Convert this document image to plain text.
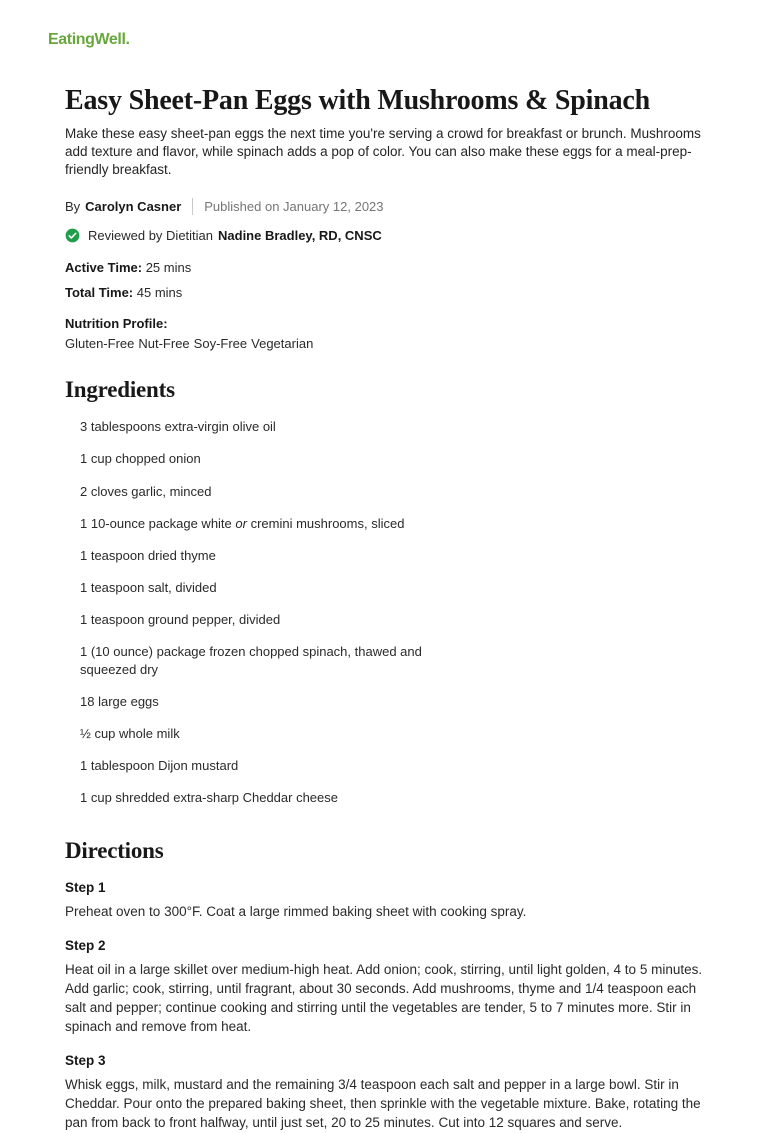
EatingWell.
Easy Sheet-Pan Eggs with Mushrooms & Spinach

Make these easy sheet-pan eggs the next time you're serving a crowd for breakfast or brunch. Mushrooms add texture and flavor, while spinach adds a pop of color. You can also make these eggs for a meal-prep-friendly breakfast.

By Carolyn Casner Published on January 12, 2023
Reviewed by Dietitian Nadine Bradley, RD, CNSC

Active Time: 25 mins

Total Time: 45 mins

Nutrition Profile:
Gluten-Free Nut-Free Soy-Free Vegetarian
Ingredients
3 tablespoons extra-virgin olive oil
1 cup chopped onion
2 cloves garlic, minced
1 10-ounce package white or cremini mushrooms, sliced
1 teaspoon dried thyme
1 teaspoon salt, divided
1 teaspoon ground pepper, divided
1 (10 ounce) package frozen chopped spinach, thawed and squeezed dry
18 large eggs
½ cup whole milk
1 tablespoon Dijon mustard
1 cup shredded extra-sharp Cheddar cheese
Directions
Step 1

Preheat oven to 300°F. Coat a large rimmed baking sheet with cooking spray.

Step 2

Heat oil in a large skillet over medium-high heat. Add onion; cook, stirring, until light golden, 4 to 5 minutes. Add garlic; cook, stirring, until fragrant, about 30 seconds. Add mushrooms, thyme and 1/4 teaspoon each salt and pepper; continue cooking and stirring until the vegetables are tender, 5 to 7 minutes more. Stir in spinach and remove from heat.

Step 3

Whisk eggs, milk, mustard and the remaining 3/4 teaspoon each salt and pepper in a large bowl. Stir in Cheddar. Pour onto the prepared baking sheet, then sprinkle with the vegetable mixture. Bake, rotating the pan from back to front halfway, until just set, 20 to 25 minutes. Cut into 12 squares and serve.
